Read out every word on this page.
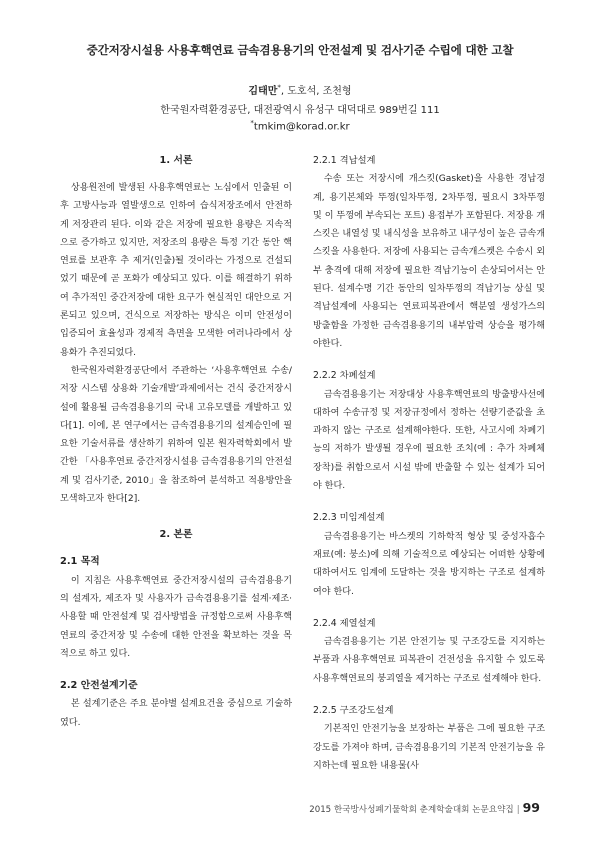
중간저장시설용 사용후핵연료 금속겸용용기의 안전설계 및 검사기준 수립에 대한 고찰
김태만*, 도호석, 조천형
한국원자력환경공단, 대전광역시 유성구 대덕대로 989번길 111
*tmkim@korad.or.kr
1. 서론

상용원전에 발생된 사용후핵연료는 노심에서 인출된 이후 고방사능과 열발생으로 인하여 습식저장조에서 안전하게 저장관리 된다. 이와 같은 저장에 필요한 용량은 지속적으로 증가하고 있지만, 저장조의 용량은 특정 기간 동안 핵연료를 보관후 추 제거(인출)될 것이라는 가정으로 건설되었기 때문에 곧 포화가 예상되고 있다. 이를 해결하기 위하여 추가적인 중간저장에 대한 요구가 현실적인 대안으로 거론되고 있으며, 건식으로 저장하는 방식은 이미 안전성이 입증되어 효율성과 경제적 측면을 모색한 여러나라에서 상용화가 추진되었다.

한국원자력환경공단에서 주관하는 ‘사용후핵연료 수송/저장 시스템 상용화 기술개발’과제에서는 건식 중간저장시설에 활용될 금속겸용용기의 국내 고유모델를 개발하고 있다[1]. 이에, 본 연구에서는 금속겸용용기의 설계승인에 필요한 기술서류를 생산하기 위하여 일본 원자력학회에서 발간한 「사용후연료 중간저장시설용 금속겸용용기의 안전설계 및 검사기준, 2010」을 참조하여 분석하고 적용방안을 모색하고자 한다[2].

2. 본론
2.1 목적

이 지침은 사용후핵연료 중간저장시설의 금속겸용용기의 설계자, 제조자 및 사용자가 금속겸용용기를 설계·제조·사용할 때 안전설계 및 검사방법을 규정함으로써 사용후핵연료의 중간저장 및 수송에 대한 안전을 확보하는 것을 목적으로 하고 있다.

2.2 안전설계기준

본 설계기준은 주요 분야별 설계요건을 중심으로 기술하였다.

2.2.1 격납설계

수송 또는 저장시에 개스킷(Gasket)을 사용한 경납경계, 용기본체와 뚜껑(일차뚜껑, 2차뚜껑, 필요시 3차뚜껑 및 이 뚜껑에 부속되는 포트) 용접부가 포함된다. 저장용 개스킷은 내열성 및 내식성을 보유하고 내구성이 높은 금속개스킷을 사용한다. 저장에 사용되는 금속개스켓은 수송시 외부 충격에 대해 저장에 필요한 격납기능이 손상되어서는 안된다. 설계수명 기간 동안의 일차뚜껑의 격납기능 상실 및 격납설계에 사용되는 연료피복관에서 핵분열 생성가스의 방출함을 가정한 금속겸용용기의 내부압력 상승을 평가해야한다.

2.2.2 차폐설계

금속겸용용기는 저장대상 사용후핵연료의 방출방사선에 대하여 수송규정 및 저장규정에서 정하는 선량기준값을 초과하지 않는 구조로 설계해야한다. 또한, 사고시에 차폐기능의 저하가 발생될 경우에 필요한 조치(예 : 추가 차폐체 장착)를 취함으로서 시설 밖에 반출할 수 있는 설계가 되어야 한다.

2.2.3 미임계설계

금속겸용용기는 바스켓의 기하학적 형상 및 중성자흡수 재료(예: 붕소)에 의해 기술적으로 예상되는 어떠한 상황에 대하여서도 임계에 도달하는 것을 방지하는 구조로 설계하여야 한다.

2.2.4 제열설계

금속겸용용기는 기본 안전기능 및 구조강도를 지지하는 부품과 사용후핵연료 피복관이 건전성을 유지할 수 있도록 사용후핵연료의 붕괴열을 제거하는 구조로 설계해야 한다.

2.2.5 구조강도설계

기본적인 안전기능을 보장하는 부품은 그에 필요한 구조강도를 가져야 하며, 금속겸용용기의 기본적 안전기능을 유지하는데 필요한 내용물(사

2015 한국방사성폐기물학회 춘계학술대회 논문요약집 | 99
